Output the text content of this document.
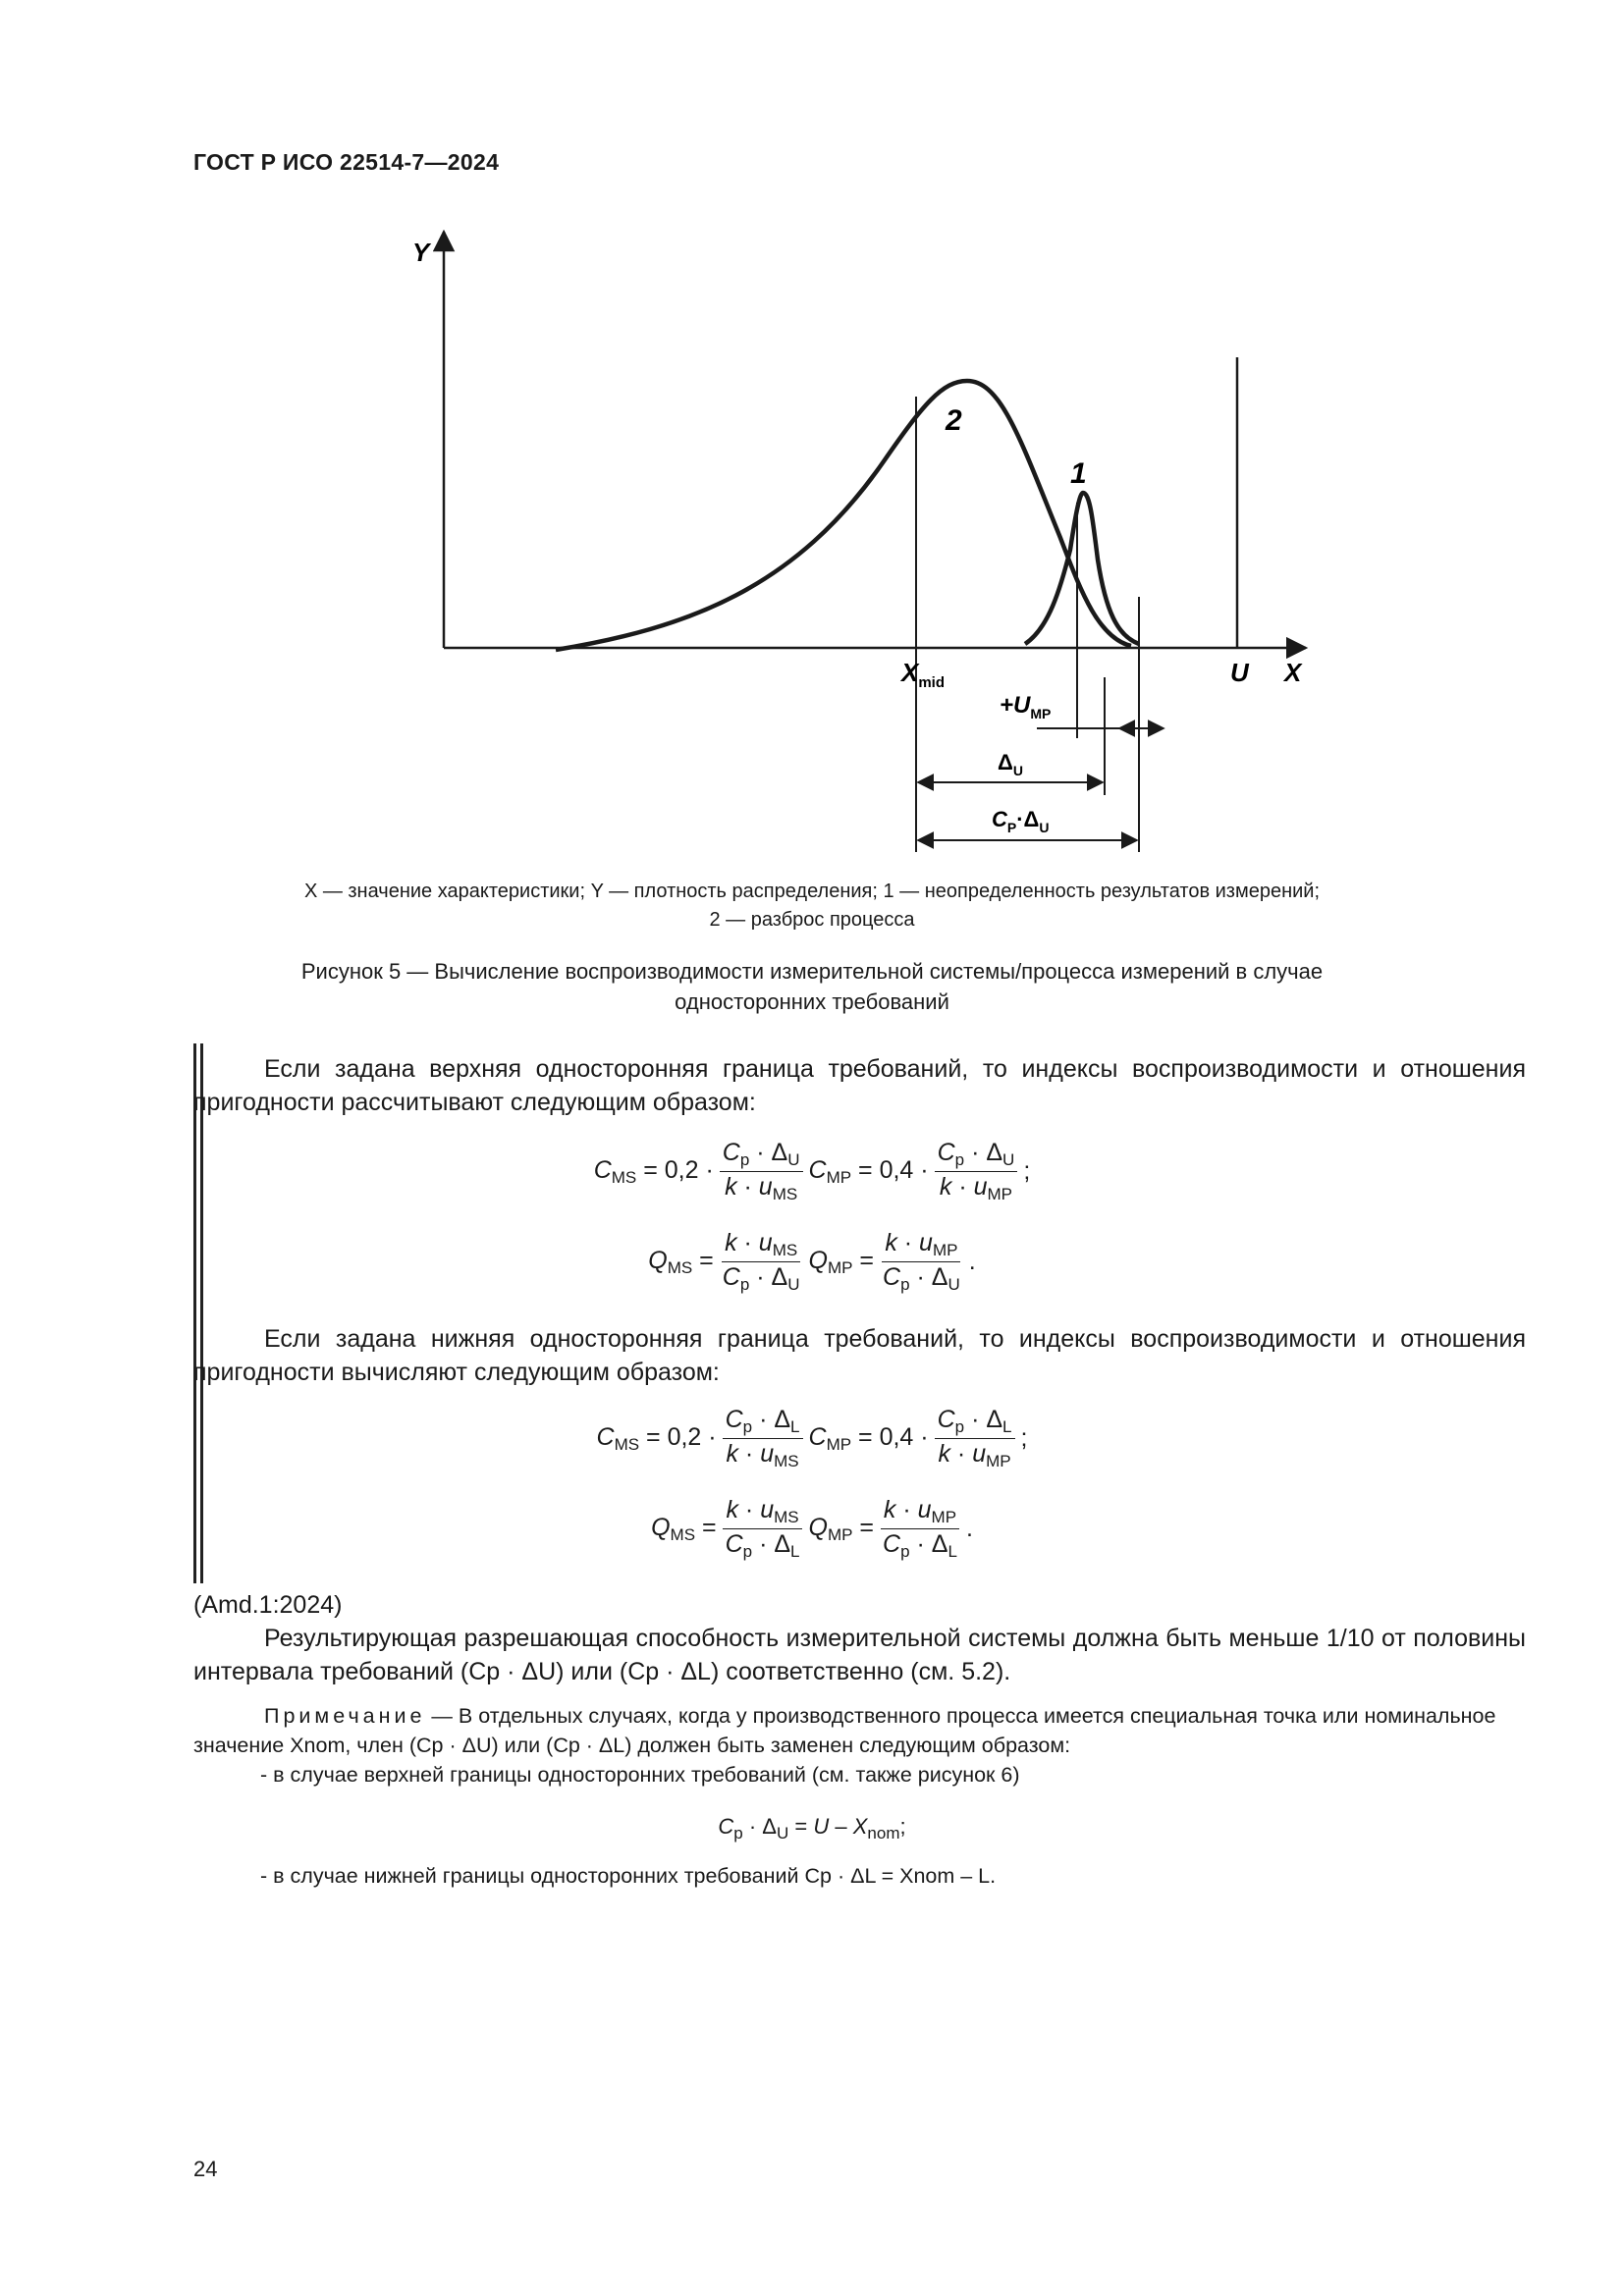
ГОСТ Р ИСО 22514-7—2024
Y
X
U
$X_{mid}$
2
1
$+U_{MP}$
$\Delta_U$
$C_P\cdot\Delta_U$
X — значение характеристики; Y — плотность распределения; 1 — неопределенность результатов измерений;
2 — разброс процесса
Рисунок 5 — Вычисление воспроизводимости измерительной системы/процесса измерений в случае
односторонних требований
Если задана верхняя односторонняя граница требований, то индексы воспроизводимости и отношения пригодности рассчитывают следующим образом:
$C_{MS} = 0,2 \cdot \frac{C_p \cdot \Delta_U}{k \cdot u_{MS}} C_{MP} = 0,4 \cdot \frac{C_p \cdot \Delta_U}{k \cdot u_{MP}}$ ;
$Q_{MS} = \frac{k \cdot u_{MS}}{C_p \cdot \Delta_U} Q_{MP} = \frac{k \cdot u_{MP}}{C_p \cdot \Delta_U}$ .
Если задана нижняя односторонняя граница требований, то индексы воспроизводимости и отношения пригодности вычисляют следующим образом:
$C_{MS} = 0,2 \cdot \frac{C_p \cdot \Delta_L}{k \cdot u_{MS}} C_{MP} = 0,4 \cdot \frac{C_p \cdot \Delta_L}{k \cdot u_{MP}}$ ;
$Q_{MS} = \frac{k \cdot u_{MS}}{C_p \cdot \Delta_L} Q_{MP} = \frac{k \cdot u_{MP}}{C_p \cdot \Delta_L}$ .
(Amd.1:2024)
Результирующая разрешающая способность измерительной системы должна быть меньше 1/10 от половины интервала требований (Cp · ΔU) или (Cp · ΔL) соответственно (см. 5.2).
Примечание — В отдельных случаях, когда у производственного процесса имеется специальная точка или номинальное значение Xnom, член (Cp · ΔU) или (Cp · ΔL) должен быть заменен следующим образом:
- в случае верхней границы односторонних требований (см. также рисунок 6)
$C_p \cdot \Delta_U = U - X_{nom}$;
- в случае нижней границы односторонних требований Cp · ΔL = Xnom – L.
24
